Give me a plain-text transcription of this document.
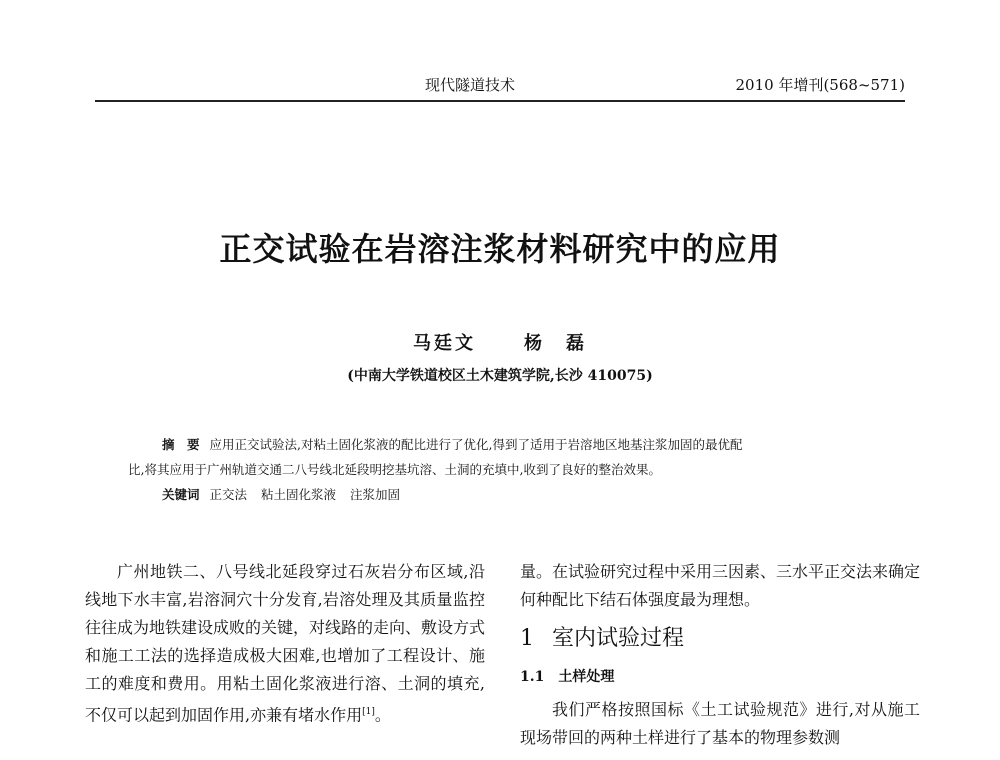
现代隧道技术	2010 年增刊(568~571)
正交试验在岩溶注浆材料研究中的应用
马廷文	杨　磊
(中南大学铁道校区土木建筑学院,长沙 410075)
摘　要 应用正交试验法,对粘土固化浆液的配比进行了优化,得到了适用于岩溶地区地基注浆加固的最优配
比,将其应用于广州轨道交通二八号线北延段明挖基坑溶、土洞的充填中,收到了良好的整治效果。
关键词 正交法 粘土固化浆液 注浆加固

广州地铁二、八号线北延段穿过石灰岩分布区域,沿线地下水丰富,岩溶洞穴十分发育,岩溶处理及其质量监控往往成为地铁建设成败的关键，对线路的走向、敷设方式和施工工法的选择造成极大困难,也增加了工程设计、施工的难度和费用。用粘土固化浆液进行溶、土洞的填充,不仅可以起到加固作用,亦兼有堵水作用[1]。

量。在试验研究过程中采用三因素、三水平正交法来确定何种配比下结石体强度最为理想。

1 室内试验过程
1.1 土样处理

我们严格按照国标《土工试验规范》进行,对从施工现场带回的两种土样进行了基本的物理参数测
